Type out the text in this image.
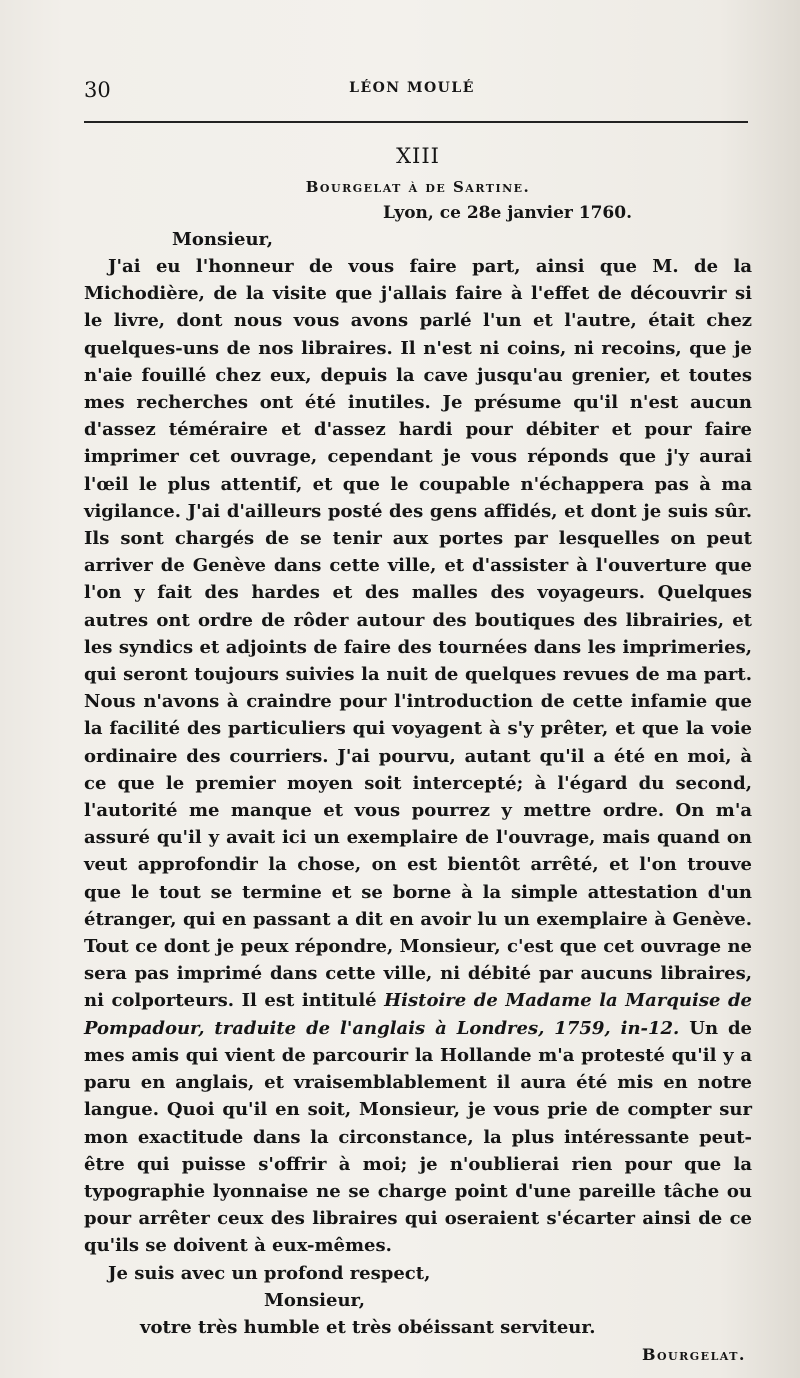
30	LÉON MOULÉ
XIII
Bourgelat à de Sartine.
Lyon, ce 28e janvier 1760.
Monsieur,

J'ai eu l'honneur de vous faire part, ainsi que M. de la Michodière, de la visite que j'allais faire à l'effet de découvrir si le livre, dont nous vous avons parlé l'un et l'autre, était chez quelques-uns de nos libraires. Il n'est ni coins, ni recoins, que je n'aie fouillé chez eux, depuis la cave jusqu'au grenier, et toutes mes recherches ont été inutiles. Je présume qu'il n'est aucun d'assez téméraire et d'assez hardi pour débiter et pour faire imprimer cet ouvrage, cependant je vous réponds que j'y aurai l'œil le plus attentif, et que le coupable n'échappera pas à ma vigilance. J'ai d'ailleurs posté des gens affidés, et dont je suis sûr. Ils sont chargés de se tenir aux portes par lesquelles on peut arriver de Genève dans cette ville, et d'assister à l'ouverture que l'on y fait des hardes et des malles des voyageurs. Quelques autres ont ordre de rôder autour des boutiques des librairies, et les syndics et adjoints de faire des tournées dans les imprimeries, qui seront toujours suivies la nuit de quelques revues de ma part. Nous n'avons à craindre pour l'introduction de cette infamie que la facilité des particuliers qui voyagent à s'y prêter, et que la voie ordinaire des courriers. J'ai pourvu, autant qu'il a été en moi, à ce que le premier moyen soit intercepté; à l'égard du second, l'autorité me manque et vous pourrez y mettre ordre. On m'a assuré qu'il y avait ici un exemplaire de l'ouvrage, mais quand on veut approfondir la chose, on est bientôt arrêté, et l'on trouve que le tout se termine et se borne à la simple attestation d'un étranger, qui en passant a dit en avoir lu un exemplaire à Genève. Tout ce dont je peux répondre, Monsieur, c'est que cet ouvrage ne sera pas imprimé dans cette ville, ni débité par aucuns libraires, ni colporteurs. Il est intitulé Histoire de Madame la Marquise de Pompadour, traduite de l'anglais à Londres, 1759, in-12. Un de mes amis qui vient de parcourir la Hollande m'a protesté qu'il y a paru en anglais, et vraisemblablement il aura été mis en notre langue. Quoi qu'il en soit, Monsieur, je vous prie de compter sur mon exactitude dans la circonstance, la plus intéressante peut-être qui puisse s'offrir à moi; je n'oublierai rien pour que la typographie lyonnaise ne se charge point d'une pareille tâche ou pour arrêter ceux des libraires qui oseraient s'écarter ainsi de ce qu'ils se doivent à eux-mêmes.

Je suis avec un profond respect,
Monsieur,
votre très humble et très obéissant serviteur.
Bourgelat.
